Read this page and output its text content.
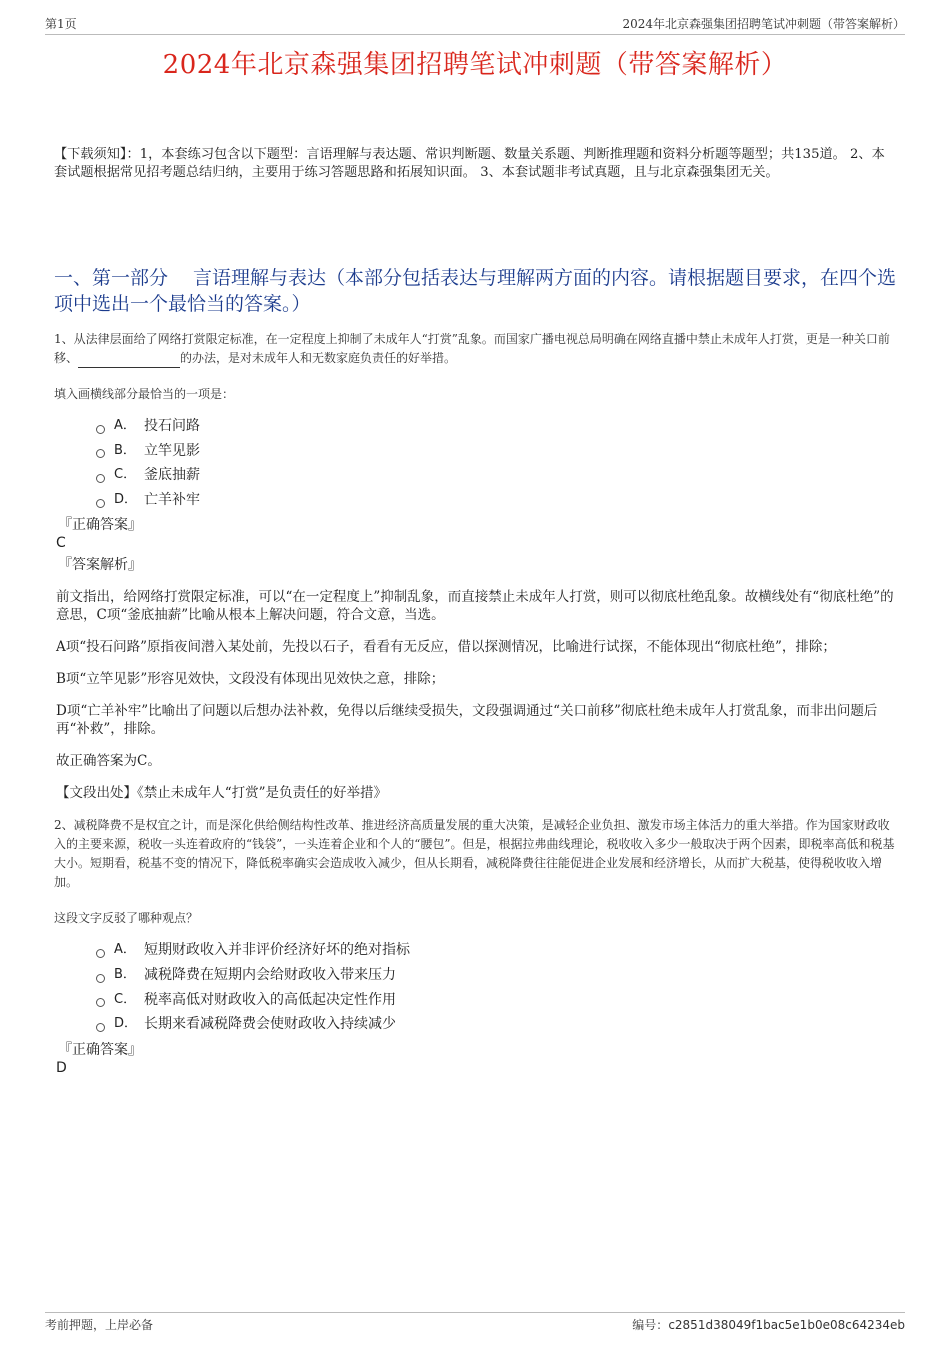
第1页	2024年北京森强集团招聘笔试冲刺题（带答案解析）
2024年北京森强集团招聘笔试冲刺题（带答案解析）
【下载须知】：1，本套练习包含以下题型：言语理解与表达题、常识判断题、数量关系题、判断推理题和资料分析题等题型；共135道。 2、本套试题根据常见招考题总结归纳，主要用于练习答题思路和拓展知识面。 3、本套试题非考试真题，且与北京森强集团无关。
一、第一部分　 言语理解与表达（本部分包括表达与理解两方面的内容。请根据题目要求，在四个选项中选出一个最恰当的答案。）

1、从法律层面给了网络打赏限定标准，在一定程度上抑制了未成年人“打赏”乱象。而国家广播电视总局明确在网络直播中禁止未成年人打赏，更是一种关口前移、	的办法，是对未成年人和无数家庭负责任的好举措。

填入画横线部分最恰当的一项是：

A． 投石问路
B． 立竿见影
C． 釜底抽薪
D． 亡羊补牢
『正确答案』
C
『答案解析』
前文指出，给网络打赏限定标准，可以“在一定程度上”抑制乱象，而直接禁止未成年人打赏，则可以彻底杜绝乱象。故横线处有“彻底杜绝”的意思，C项“釜底抽薪”比喻从根本上解决问题，符合文意，当选。
A项“投石问路”原指夜间潜入某处前，先投以石子，看看有无反应，借以探测情况，比喻进行试探，不能体现出“彻底杜绝”，排除；
B项“立竿见影”形容见效快，文段没有体现出见效快之意，排除；
D项“亡羊补牢”比喻出了问题以后想办法补救，免得以后继续受损失，文段强调通过“关口前移”彻底杜绝未成年人打赏乱象，而非出问题后再“补救”，排除。
故正确答案为C。
【文段出处】《禁止未成年人“打赏”是负责任的好举措》

2、减税降费不是权宜之计，而是深化供给侧结构性改革、推进经济高质量发展的重大决策，是减轻企业负担、激发市场主体活力的重大举措。作为国家财政收入的主要来源，税收一头连着政府的“钱袋”，一头连着企业和个人的“腰包”。但是，根据拉弗曲线理论，税收收入多少一般取决于两个因素，即税率高低和税基大小。短期看，税基不变的情况下，降低税率确实会造成收入减少，但从长期看，减税降费往往能促进企业发展和经济增长，从而扩大税基，使得税收收入增加。

这段文字反驳了哪种观点？

A． 短期财政收入并非评价经济好坏的绝对指标
B． 减税降费在短期内会给财政收入带来压力
C． 税率高低对财政收入的高低起决定性作用
D． 长期来看减税降费会使财政收入持续减少
『正确答案』
D
考前押题，上岸必备	编号：c2851d38049f1bac5e1b0e08c64234eb
